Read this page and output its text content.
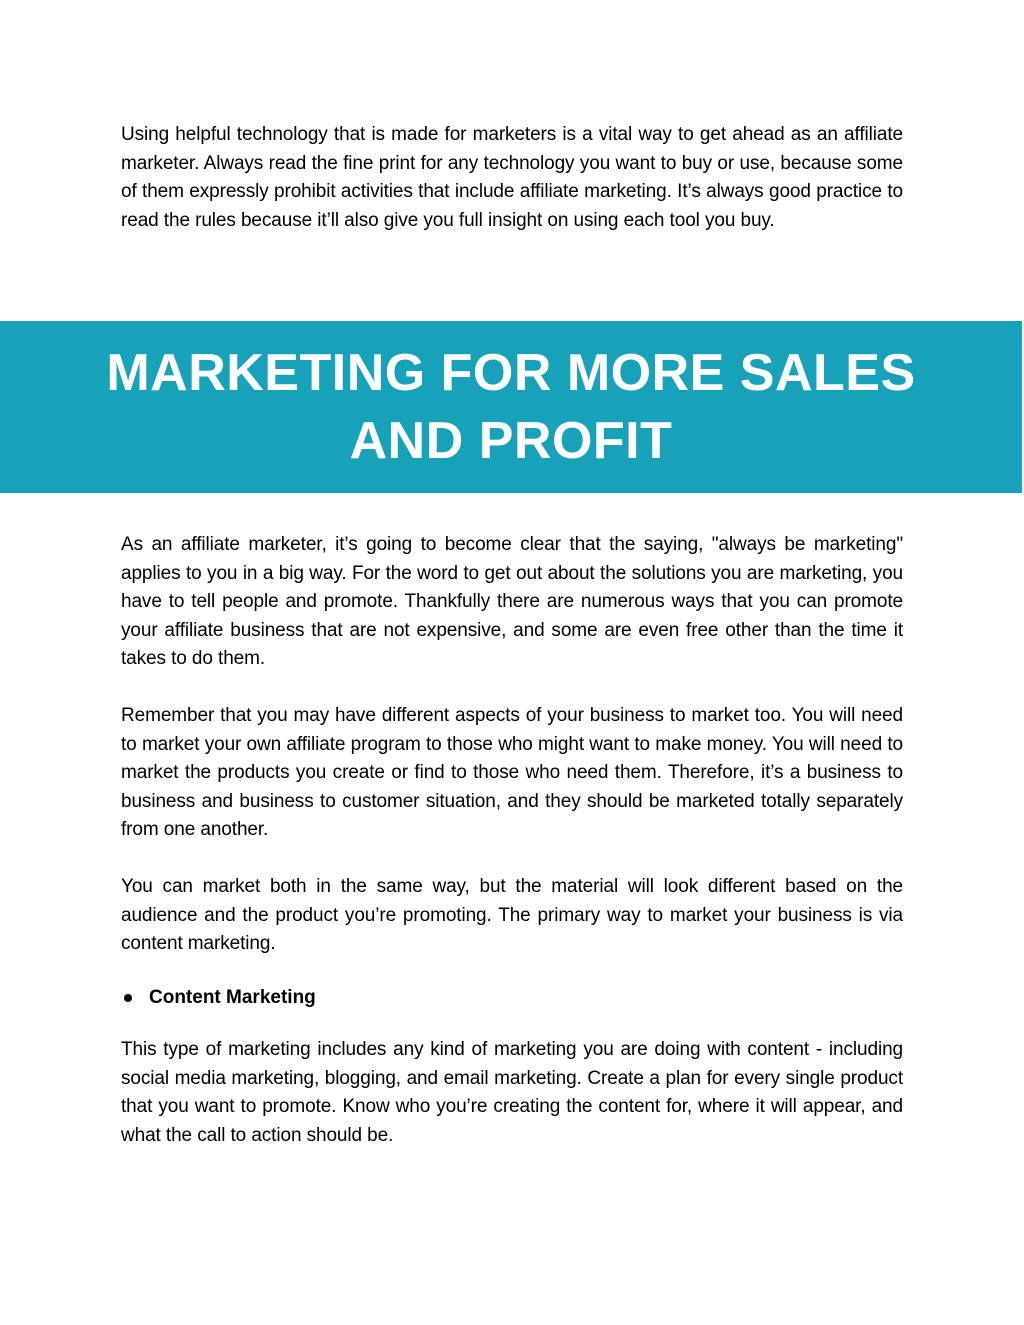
Using helpful technology that is made for marketers is a vital way to get ahead as an affiliate marketer. Always read the fine print for any technology you want to buy or use, because some of them expressly prohibit activities that include affiliate marketing. It’s always good practice to read the rules because it’ll also give you full insight on using each tool you buy.

MARKETING FOR MORE SALES
AND PROFIT

As an affiliate marketer, it’s going to become clear that the saying, "always be marketing" applies to you in a big way. For the word to get out about the solutions you are marketing, you have to tell people and promote. Thankfully there are numerous ways that you can promote your affiliate business that are not expensive, and some are even free other than the time it takes to do them.

Remember that you may have different aspects of your business to market too. You will need to market your own affiliate program to those who might want to make money. You will need to market the products you create or find to those who need them. Therefore, it’s a business to business and business to customer situation, and they should be marketed totally separately from one another.

You can market both in the same way, but the material will look different based on the audience and the product you’re promoting. The primary way to market your business is via content marketing.

Content Marketing

This type of marketing includes any kind of marketing you are doing with content - including social media marketing, blogging, and email marketing. Create a plan for every single product that you want to promote. Know who you’re creating the content for, where it will appear, and what the call to action should be.
